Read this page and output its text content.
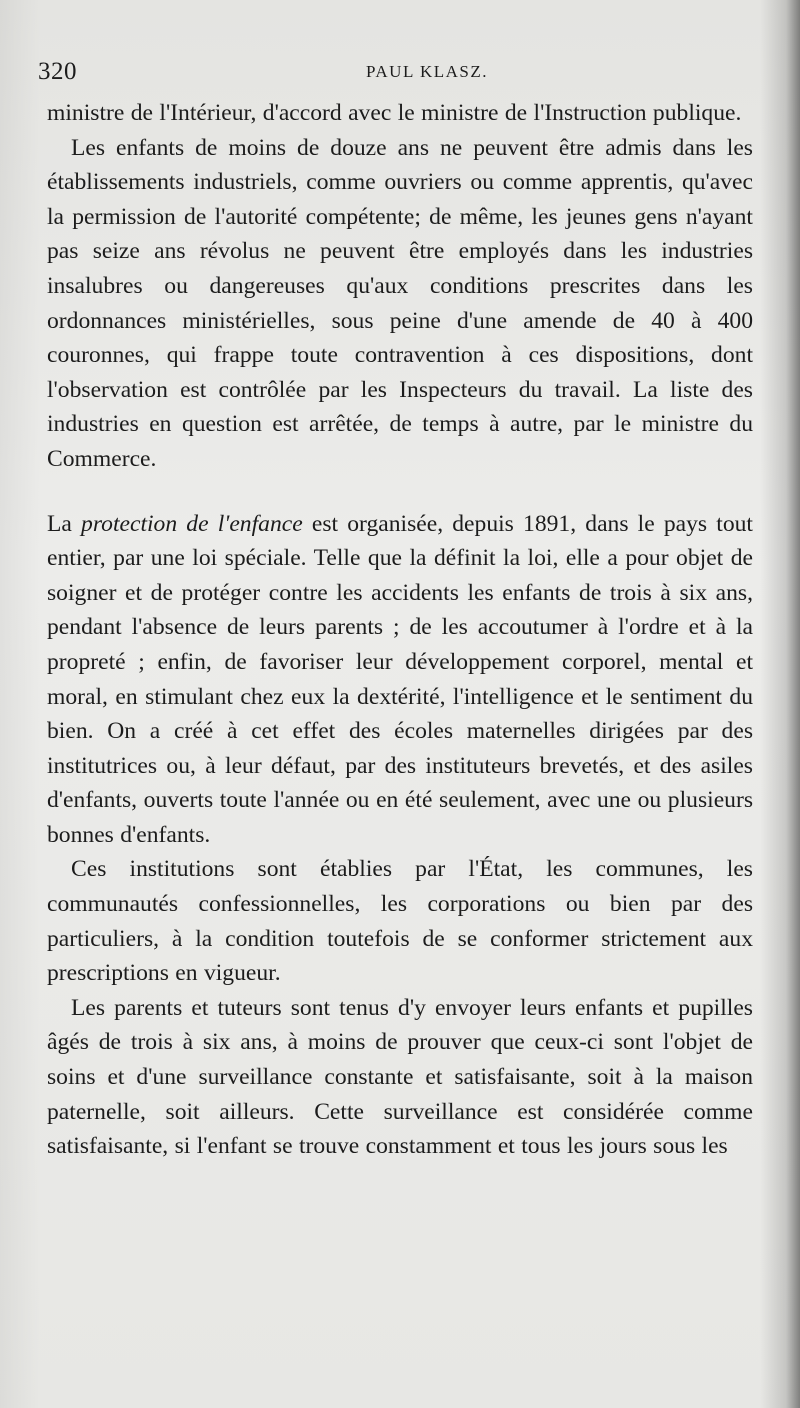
320	PAUL KLASZ.

ministre de l'Intérieur, d'accord avec le ministre de l'Instruction publique.

Les enfants de moins de douze ans ne peuvent être admis dans les établissements industriels, comme ouvriers ou comme apprentis, qu'avec la permission de l'autorité compétente; de même, les jeunes gens n'ayant pas seize ans révolus ne peuvent être employés dans les industries insalubres ou dangereuses qu'aux conditions prescrites dans les ordonnances ministérielles, sous peine d'une amende de 40 à 400 couronnes, qui frappe toute contravention à ces dispositions, dont l'observation est contrôlée par les Inspecteurs du travail. La liste des industries en question est arrêtée, de temps à autre, par le ministre du Commerce.

La protection de l'enfance est organisée, depuis 1891, dans le pays tout entier, par une loi spéciale. Telle que la définit la loi, elle a pour objet de soigner et de protéger contre les accidents les enfants de trois à six ans, pendant l'absence de leurs parents ; de les accoutumer à l'ordre et à la propreté ; enfin, de favoriser leur développement corporel, mental et moral, en stimulant chez eux la dextérité, l'intelligence et le sentiment du bien. On a créé à cet effet des écoles maternelles dirigées par des institutrices ou, à leur défaut, par des instituteurs brevetés, et des asiles d'enfants, ouverts toute l'année ou en été seulement, avec une ou plusieurs bonnes d'enfants.

Ces institutions sont établies par l'État, les communes, les communautés confessionnelles, les corporations ou bien par des particuliers, à la condition toutefois de se conformer strictement aux prescriptions en vigueur.

Les parents et tuteurs sont tenus d'y envoyer leurs enfants et pupilles âgés de trois à six ans, à moins de prouver que ceux-ci sont l'objet de soins et d'une surveillance constante et satisfaisante, soit à la maison paternelle, soit ailleurs. Cette surveillance est considérée comme satisfaisante, si l'enfant se trouve constamment et tous les jours sous les
